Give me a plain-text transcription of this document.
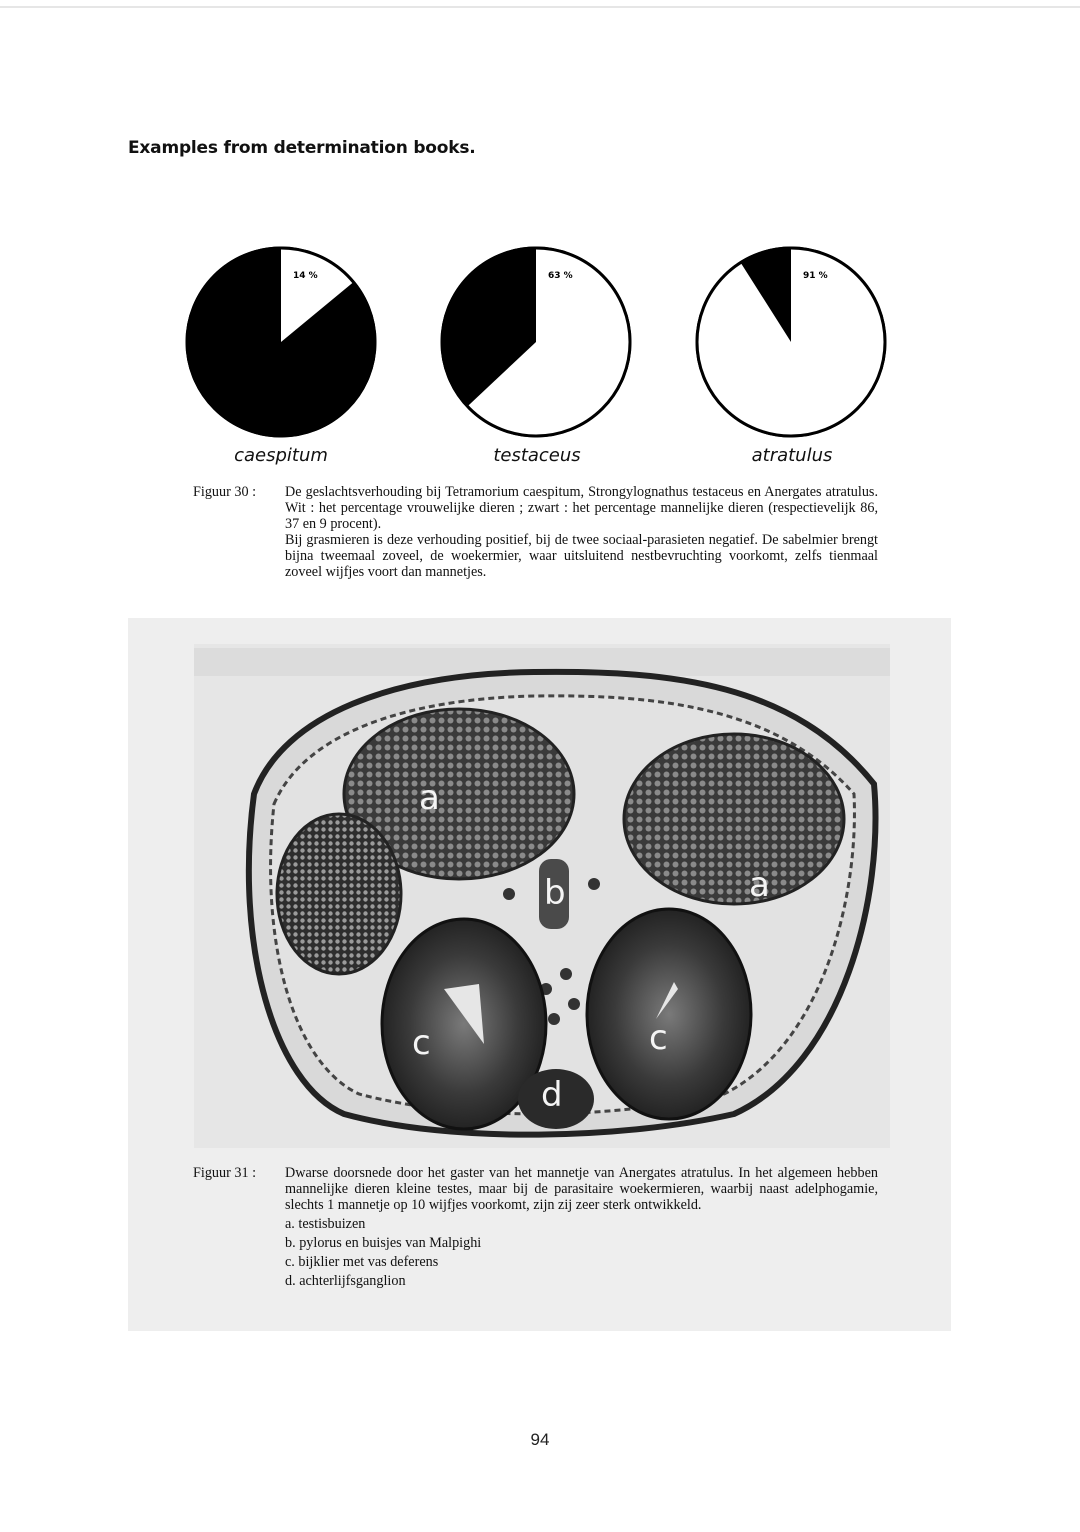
Examples from determination books.
14 %	63 %	91 %
caespitum	testaceus	atratulus
Figuur 30 : De geslachtsverhouding bij Tetramorium caespitum, Strongylognathus testaceus en Anergates atratulus. Wit : het percentage vrouwelijke dieren ; zwart : het percentage mannelijke dieren (respectievelijk 86, 37 en 9 procent).

Bij grasmieren is deze verhouding positief, bij de twee sociaal-parasieten negatief. De sabelmier brengt bijna tweemaal zoveel, de woekermier, waar uitsluitend nestbevruchting voorkomt, zelfs tienmaal zoveel wijfjes voort dan mannetjes.

a
a
b
c	c
d
Figuur 31 : Dwarse doorsnede door het gaster van het mannetje van Anergates atratulus. In het algemeen hebben mannelijke dieren kleine testes, maar bij de parasitaire woekermieren, waarbij naast adelphogamie, slechts 1 mannetje op 10 wijfjes voorkomt, zijn zij zeer sterk ontwikkeld.

a. testisbuizen
b. pylorus en buisjes van Malpighi
c. bijklier met vas deferens
d. achterlijfsganglion
94
